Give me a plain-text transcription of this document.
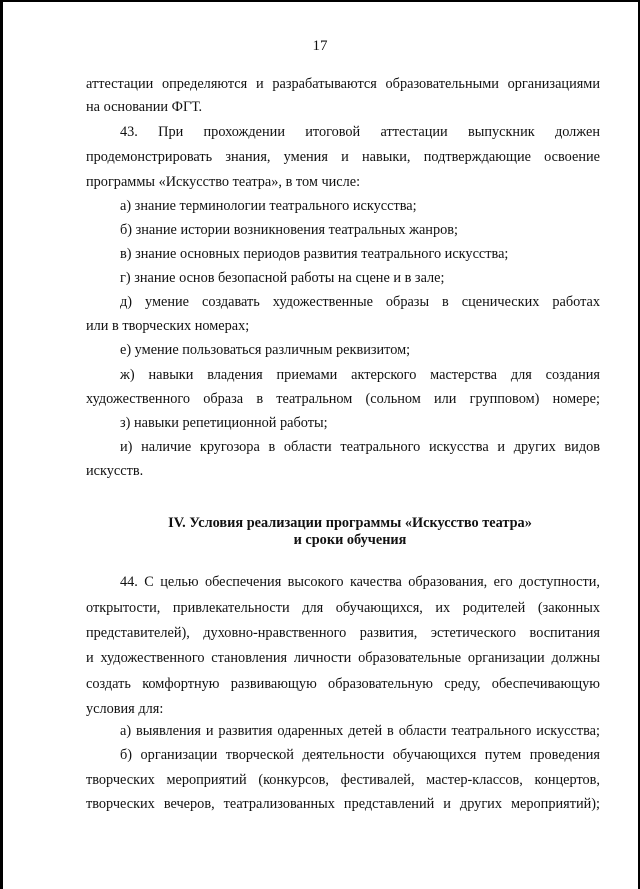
17
аттестации определяются и разрабатываются образовательными организациями
на основании ФГТ.
43. При прохождении итоговой аттестации выпускник должен
продемонстрировать знания, умения и навыки, подтверждающие освоение
программы «Искусство театра», в том числе:
а) знание терминологии театрального искусства;
б) знание истории возникновения театральных жанров;
в) знание основных периодов развития театрального искусства;
г) знание основ безопасной работы на сцене и в зале;
д) умение создавать художественные образы в сценических работах
или в творческих номерах;
е) умение пользоваться различным реквизитом;
ж) навыки владения приемами актерского мастерства для создания
художественного образа в театральном (сольном или групповом) номере;
з) навыки репетиционной работы;
и) наличие кругозора в области театрального искусства и других видов
искусств.
IV. Условия реализации программы «Искусство театра»
и сроки обучения
44. С целью обеспечения высокого качества образования, его доступности,
открытости, привлекательности для обучающихся, их родителей (законных
представителей), духовно-нравственного развития, эстетического воспитания
и художественного становления личности образовательные организации должны
создать комфортную развивающую образовательную среду, обеспечивающую
условия для:
а) выявления и развития одаренных детей в области театрального искусства;
б) организации творческой деятельности обучающихся путем проведения
творческих мероприятий (конкурсов, фестивалей, мастер-классов, концертов,
творческих вечеров, театрализованных представлений и других мероприятий);
